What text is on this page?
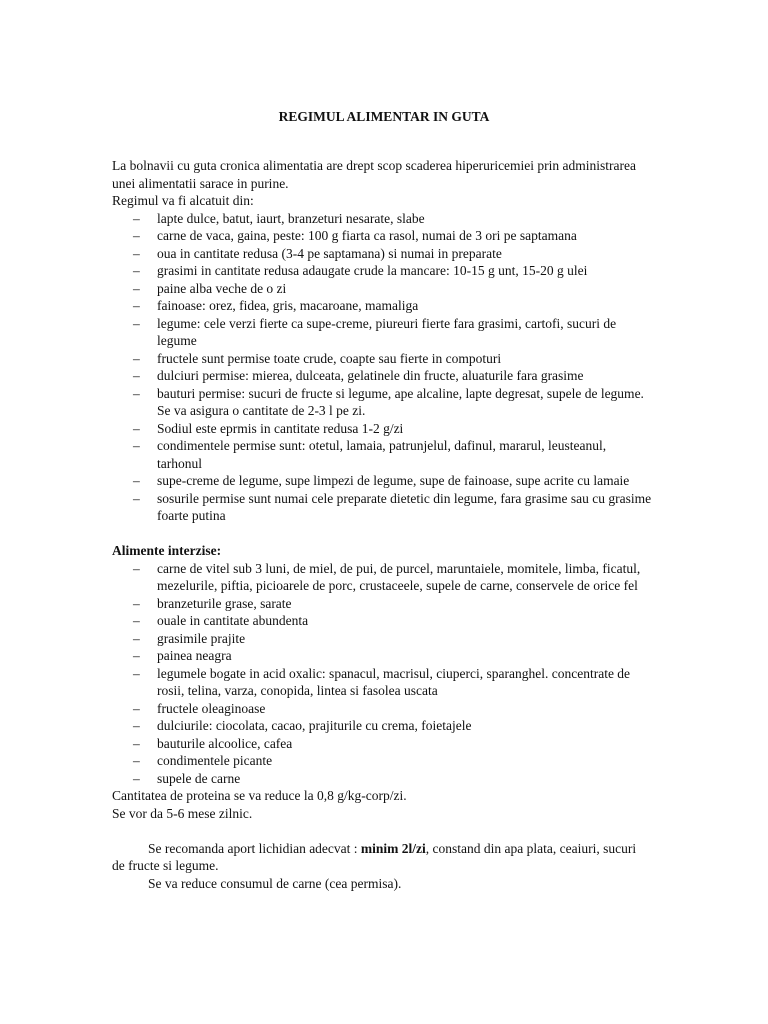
REGIMUL ALIMENTAR IN GUTA

La bolnavii cu guta cronica alimentatia are drept scop scaderea hiperuricemiei prin administrarea unei alimentatii sarace in purine.

Regimul va fi alcatuit din:

– lapte dulce, batut, iaurt, branzeturi nesarate, slabe
– carne de vaca, gaina, peste: 100 g fiarta ca rasol, numai de 3 ori pe saptamana
– oua in cantitate redusa (3-4 pe saptamana) si numai in preparate
– grasimi in cantitate redusa adaugate crude la mancare: 10-15 g unt, 15-20 g ulei
– paine alba veche de o zi
– fainoase: orez, fidea, gris, macaroane, mamaliga
– legume: cele verzi fierte ca supe-creme, piureuri fierte fara grasimi, cartofi, sucuri de legume
– fructele sunt permise toate crude, coapte sau fierte in compoturi
– dulciuri permise: mierea, dulceata, gelatinele din fructe, aluaturile fara grasime
– bauturi permise: sucuri de fructe si legume, ape alcaline, lapte degresat, supele de legume. Se va asigura o cantitate de 2-3 l pe zi.
– Sodiul este eprmis in cantitate redusa 1-2 g/zi
– condimentele permise sunt: otetul, lamaia, patrunjelul, dafinul, mararul, leusteanul, tarhonul
– supe-creme de legume, supe limpezi de legume, supe de fainoase, supe acrite cu lamaie
– sosurile permise sunt numai cele preparate dietetic din legume, fara grasime sau cu grasime foarte putina

Alimente interzise:

– carne de vitel sub 3 luni, de miel, de pui, de purcel, maruntaiele, momitele, limba, ficatul, mezelurile, piftia, picioarele de porc, crustaceele, supele de carne, conservele de orice fel
– branzeturile grase, sarate
– ouale in cantitate abundenta
– grasimile prajite
– painea neagra
– legumele bogate in acid oxalic: spanacul, macrisul, ciuperci, sparanghel. concentrate de rosii, telina, varza, conopida, lintea si fasolea uscata
– fructele oleaginoase
– dulciurile: ciocolata, cacao, prajiturile cu crema, foietajele
– bauturile alcoolice, cafea
– condimentele picante
– supele de carne

Cantitatea de proteina se va reduce la 0,8 g/kg-corp/zi.

Se vor da 5-6 mese zilnic.

Se recomanda aport lichidian adecvat : minim 2l/zi, constand din apa plata, ceaiuri, sucuri de fructe si legume.

Se va reduce consumul de carne (cea permisa).
